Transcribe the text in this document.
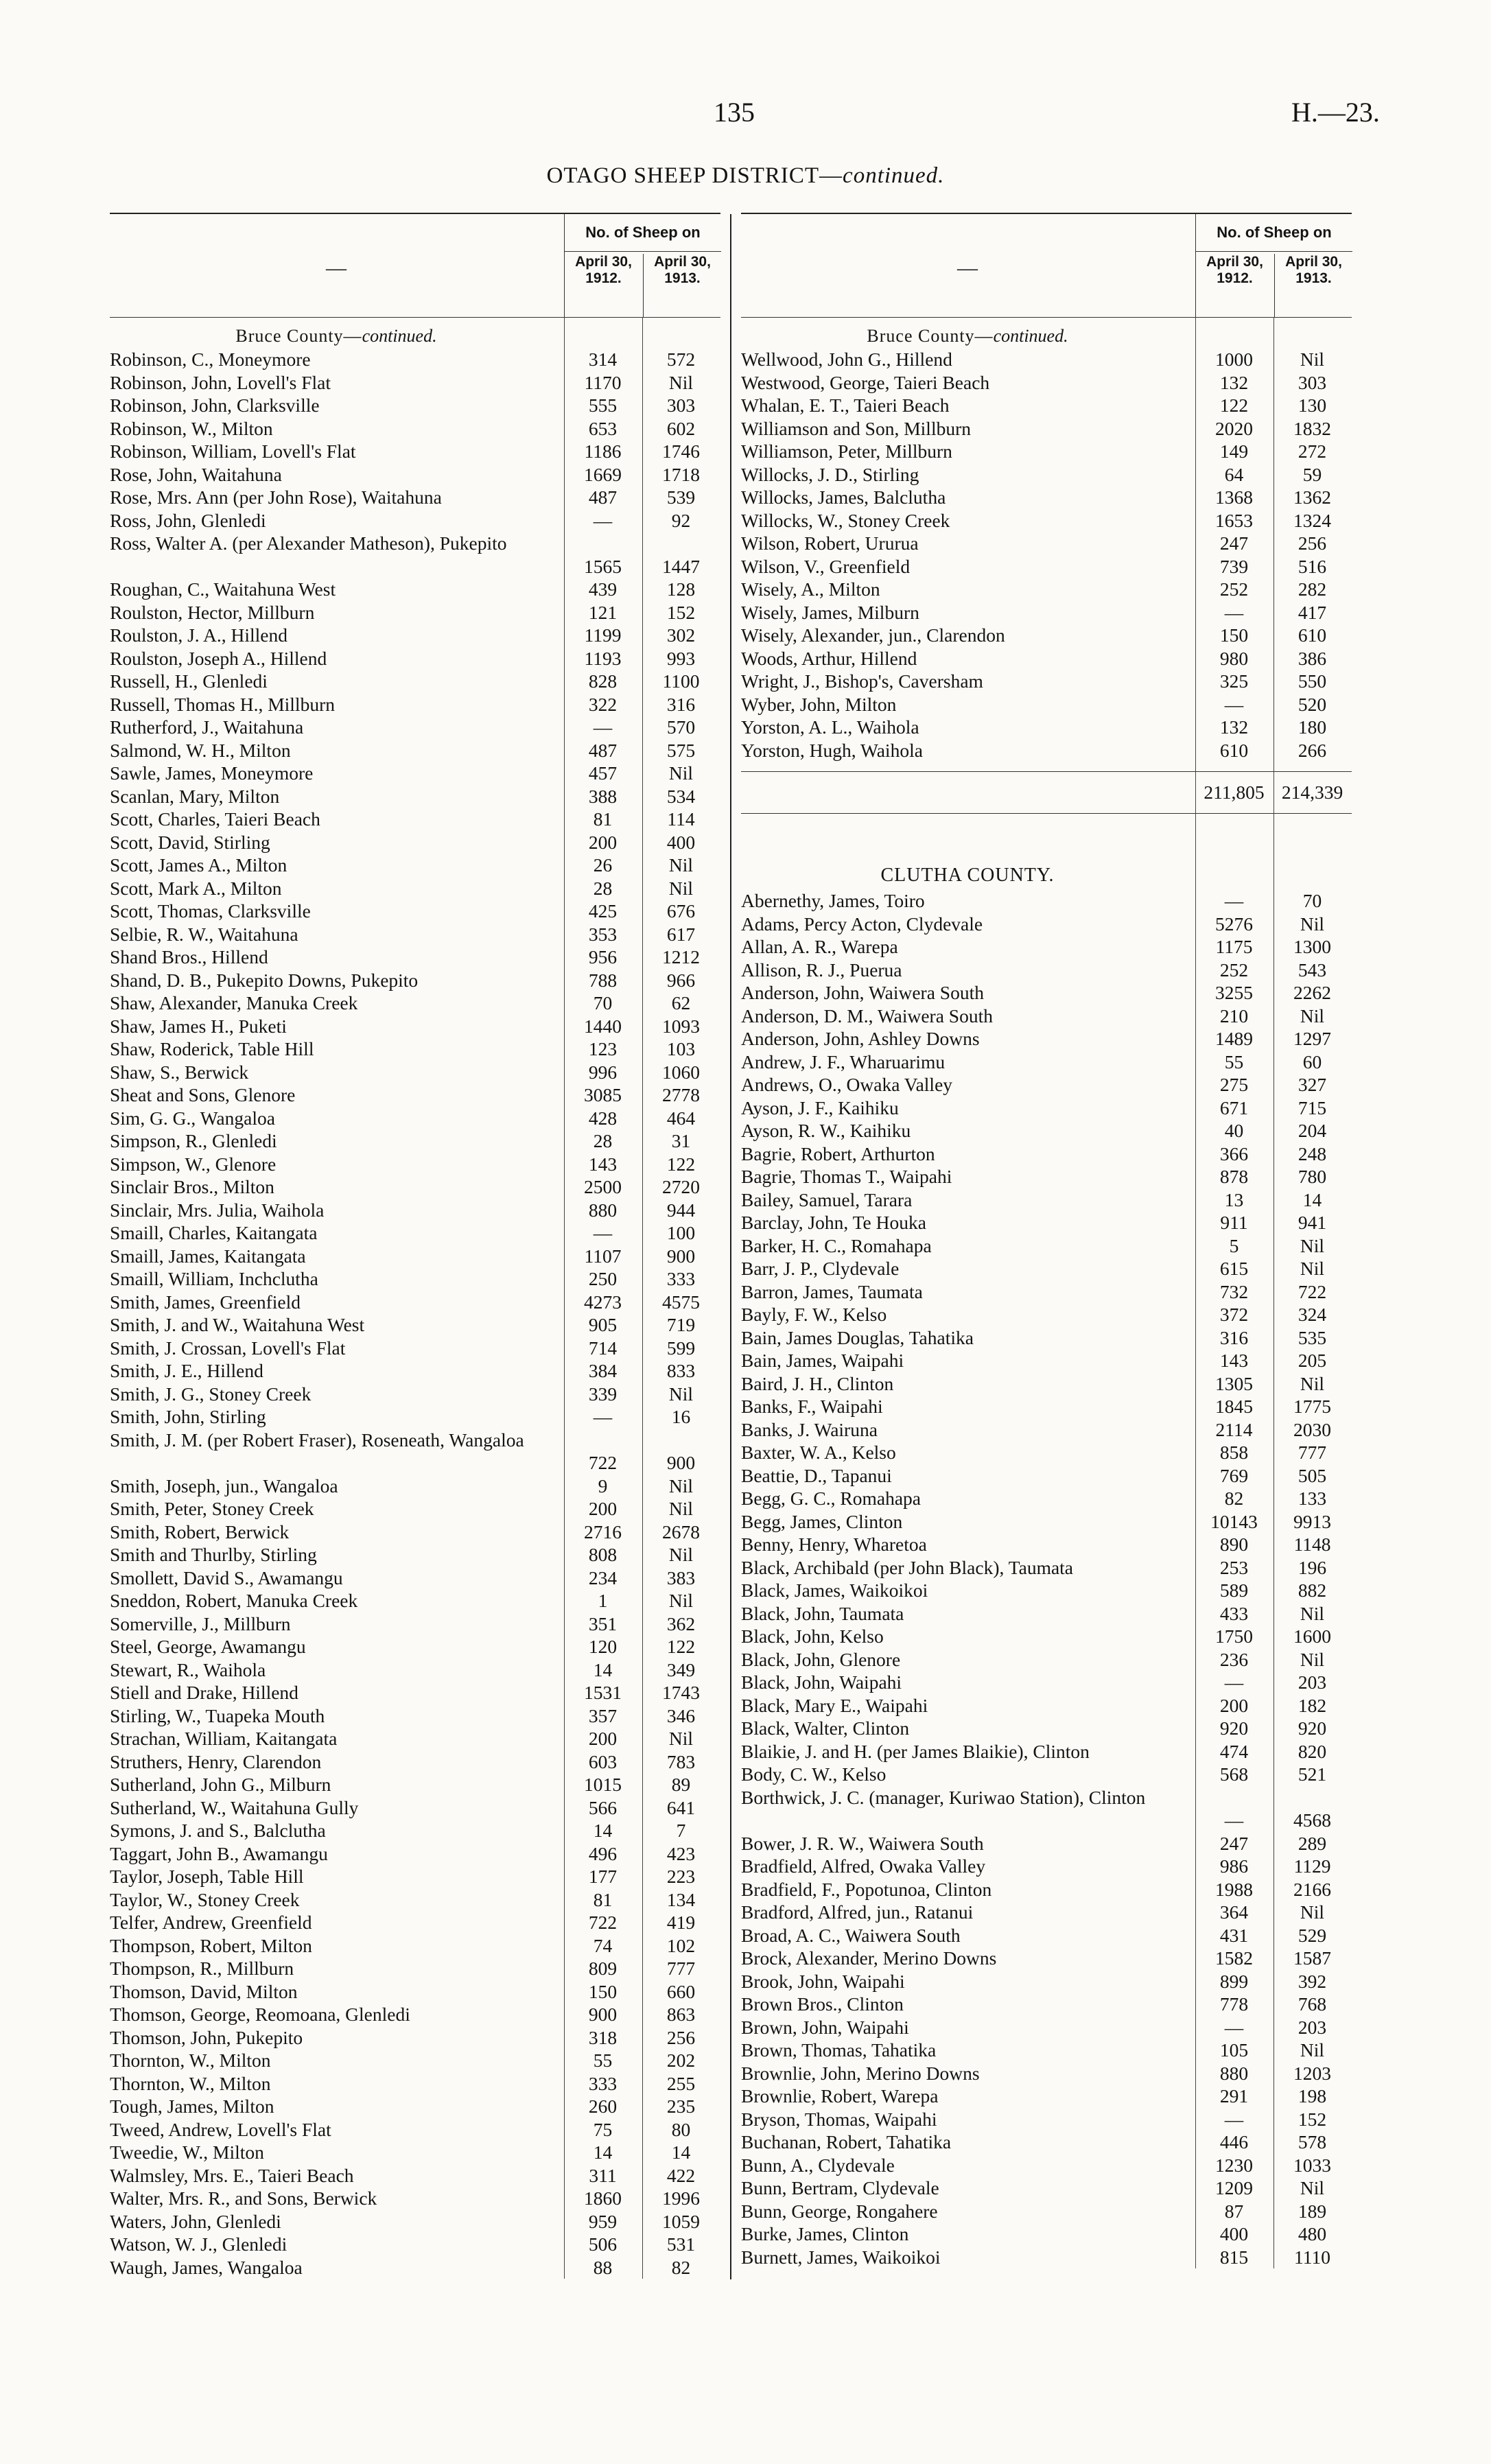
135	H.—23.
OTAGO SHEEP DISTRICT—continued.
—
No. of Sheep on
April 30, 1912.
April 30, 1913.
Bruce County—continued.
Robinson, C., Moneymore	314	572
Robinson, John, Lovell's Flat	1170	Nil
Robinson, John, Clarksville	555	303
Robinson, W., Milton	653	602
Robinson, William, Lovell's Flat	1186	1746
Rose, John, Waitahuna	1669	1718
Rose, Mrs. Ann (per John Rose), Waitahuna	487	539
Ross, John, Glenledi	—	92
Ross, Walter A. (per Alexander Matheson), Pukepito
1565	1447
Roughan, C., Waitahuna West	439	128
Roulston, Hector, Millburn	121	152
Roulston, J. A., Hillend	1199	302
Roulston, Joseph A., Hillend	1193	993
Russell, H., Glenledi	828	1100
Russell, Thomas H., Millburn	322	316
Rutherford, J., Waitahuna	—	570
Salmond, W. H., Milton	487	575
Sawle, James, Moneymore	457	Nil
Scanlan, Mary, Milton	388	534
Scott, Charles, Taieri Beach	81	114
Scott, David, Stirling	200	400
Scott, James A., Milton	26	Nil
Scott, Mark A., Milton	28	Nil
Scott, Thomas, Clarksville	425	676
Selbie, R. W., Waitahuna	353	617
Shand Bros., Hillend	956	1212
Shand, D. B., Pukepito Downs, Pukepito	788	966
Shaw, Alexander, Manuka Creek	70	62
Shaw, James H., Puketi	1440	1093
Shaw, Roderick, Table Hill	123	103
Shaw, S., Berwick	996	1060
Sheat and Sons, Glenore	3085	2778
Sim, G. G., Wangaloa	428	464
Simpson, R., Glenledi	28	31
Simpson, W., Glenore	143	122
Sinclair Bros., Milton	2500	2720
Sinclair, Mrs. Julia, Waihola	880	944
Smaill, Charles, Kaitangata	—	100
Smaill, James, Kaitangata	1107	900
Smaill, William, Inchclutha	250	333
Smith, James, Greenfield	4273	4575
Smith, J. and W., Waitahuna West	905	719
Smith, J. Crossan, Lovell's Flat	714	599
Smith, J. E., Hillend	384	833
Smith, J. G., Stoney Creek	339	Nil
Smith, John, Stirling	—	16
Smith, J. M. (per Robert Fraser), Roseneath, Wangaloa
722	900
Smith, Joseph, jun., Wangaloa	9	Nil
Smith, Peter, Stoney Creek	200	Nil
Smith, Robert, Berwick	2716	2678
Smith and Thurlby, Stirling	808	Nil
Smollett, David S., Awamangu	234	383
Sneddon, Robert, Manuka Creek	1	Nil
Somerville, J., Millburn	351	362
Steel, George, Awamangu	120	122
Stewart, R., Waihola	14	349
Stiell and Drake, Hillend	1531	1743
Stirling, W., Tuapeka Mouth	357	346
Strachan, William, Kaitangata	200	Nil
Struthers, Henry, Clarendon	603	783
Sutherland, John G., Milburn	1015	89
Sutherland, W., Waitahuna Gully	566	641
Symons, J. and S., Balclutha	14	7
Taggart, John B., Awamangu	496	423
Taylor, Joseph, Table Hill	177	223
Taylor, W., Stoney Creek	81	134
Telfer, Andrew, Greenfield	722	419
Thompson, Robert, Milton	74	102
Thompson, R., Millburn	809	777
Thomson, David, Milton	150	660
Thomson, George, Reomoana, Glenledi	900	863
Thomson, John, Pukepito	318	256
Thornton, W., Milton	55	202
Thornton, W., Milton	333	255
Tough, James, Milton	260	235
Tweed, Andrew, Lovell's Flat	75	80
Tweedie, W., Milton	14	14
Walmsley, Mrs. E., Taieri Beach	311	422
Walter, Mrs. R., and Sons, Berwick	1860	1996
Waters, John, Glenledi	959	1059
Watson, W. J., Glenledi	506	531
Waugh, James, Wangaloa	88	82
—
No. of Sheep on
April 30, 1912.
April 30, 1913.
Bruce County—continued.
Wellwood, John G., Hillend	1000	Nil
Westwood, George, Taieri Beach	132	303
Whalan, E. T., Taieri Beach	122	130
Williamson and Son, Millburn	2020	1832
Williamson, Peter, Millburn	149	272
Willocks, J. D., Stirling	64	59
Willocks, James, Balclutha	1368	1362
Willocks, W., Stoney Creek	1653	1324
Wilson, Robert, Ururua	247	256
Wilson, V., Greenfield	739	516
Wisely, A., Milton	252	282
Wisely, James, Milburn	—	417
Wisely, Alexander, jun., Clarendon	150	610
Woods, Arthur, Hillend	980	386
Wright, J., Bishop's, Caversham	325	550
Wyber, John, Milton	—	520
Yorston, A. L., Waihola	132	180
Yorston, Hugh, Waihola	610	266
211,805 214,339
CLUTHA COUNTY.
Abernethy, James, Toiro	—	70
Adams, Percy Acton, Clydevale	5276	Nil
Allan, A. R., Warepa	1175	1300
Allison, R. J., Puerua	252	543
Anderson, John, Waiwera South	3255	2262
Anderson, D. M., Waiwera South	210	Nil
Anderson, John, Ashley Downs	1489	1297
Andrew, J. F., Wharuarimu	55	60
Andrews, O., Owaka Valley	275	327
Ayson, J. F., Kaihiku	671	715
Ayson, R. W., Kaihiku	40	204
Bagrie, Robert, Arthurton	366	248
Bagrie, Thomas T., Waipahi	878	780
Bailey, Samuel, Tarara	13	14
Barclay, John, Te Houka	911	941
Barker, H. C., Romahapa	5	Nil
Barr, J. P., Clydevale	615	Nil
Barron, James, Taumata	732	722
Bayly, F. W., Kelso	372	324
Bain, James Douglas, Tahatika	316	535
Bain, James, Waipahi	143	205
Baird, J. H., Clinton	1305	Nil
Banks, F., Waipahi	1845	1775
Banks, J. Wairuna	2114	2030
Baxter, W. A., Kelso	858	777
Beattie, D., Tapanui	769	505
Begg, G. C., Romahapa	82	133
Begg, James, Clinton	10143	9913
Benny, Henry, Wharetoa	890	1148
Black, Archibald (per John Black), Taumata	253	196
Black, James, Waikoikoi	589	882
Black, John, Taumata	433	Nil
Black, John, Kelso	1750	1600
Black, John, Glenore	236	Nil
Black, John, Waipahi	—	203
Black, Mary E., Waipahi	200	182
Black, Walter, Clinton	920	920
Blaikie, J. and H. (per James Blaikie), Clinton	474	820
Body, C. W., Kelso	568	521
Borthwick, J. C. (manager, Kuriwao Station), Clinton
—	4568
Bower, J. R. W., Waiwera South	247	289
Bradfield, Alfred, Owaka Valley	986	1129
Bradfield, F., Popotunoa, Clinton	1988	2166
Bradford, Alfred, jun., Ratanui	364	Nil
Broad, A. C., Waiwera South	431	529
Brock, Alexander, Merino Downs	1582	1587
Brook, John, Waipahi	899	392
Brown Bros., Clinton	778	768
Brown, John, Waipahi	—	203
Brown, Thomas, Tahatika	105	Nil
Brownlie, John, Merino Downs	880	1203
Brownlie, Robert, Warepa	291	198
Bryson, Thomas, Waipahi	—	152
Buchanan, Robert, Tahatika	446	578
Bunn, A., Clydevale	1230	1033
Bunn, Bertram, Clydevale	1209	Nil
Bunn, George, Rongahere	87	189
Burke, James, Clinton	400	480
Burnett, James, Waikoikoi	815	1110
